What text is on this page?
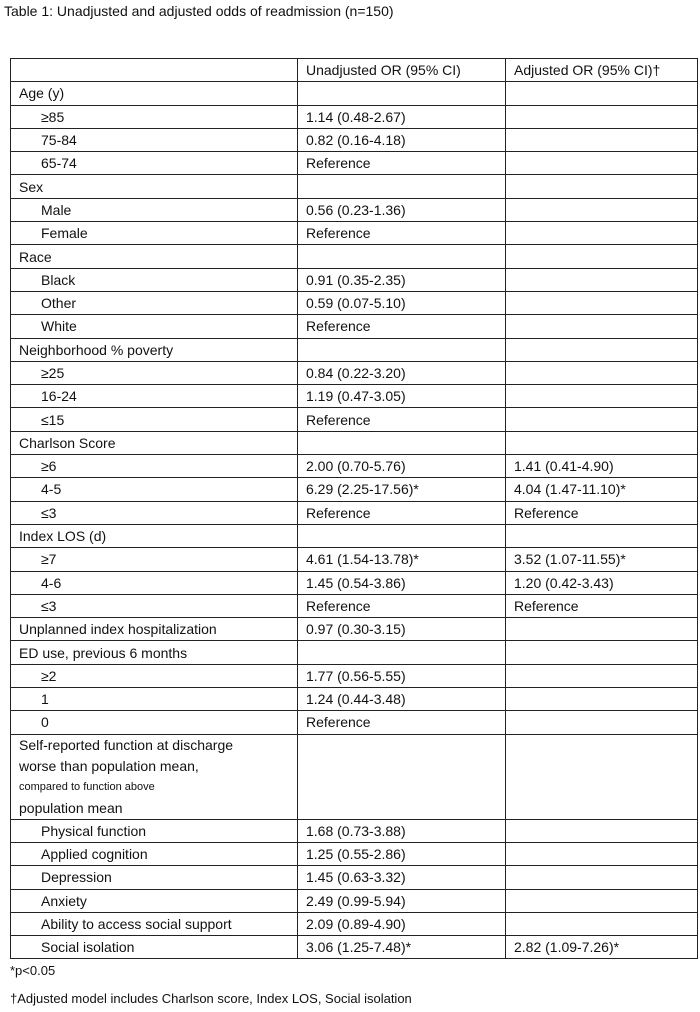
Table 1: Unadjusted and adjusted odds of readmission (n=150)
	Unadjusted OR (95% CI)	Adjusted OR (95% CI)†
Age (y)		
≥85	1.14 (0.48-2.67)	
75-84	0.82 (0.16-4.18)	
65-74	Reference	
Sex		
Male	0.56 (0.23-1.36)	
Female	Reference	
Race		
Black	0.91 (0.35-2.35)	
Other	0.59 (0.07-5.10)	
White	Reference	
Neighborhood % poverty		
≥25	0.84 (0.22-3.20)	
16-24	1.19 (0.47-3.05)	
≤15	Reference	
Charlson Score		
≥6	2.00 (0.70-5.76)	1.41 (0.41-4.90)
4-5	6.29 (2.25-17.56)*	4.04 (1.47-11.10)*
≤3	Reference	Reference
Index LOS (d)		
≥7	4.61 (1.54-13.78)*	3.52 (1.07-11.55)*
4-6	1.45 (0.54-3.86)	1.20 (0.42-3.43)
≤3	Reference	Reference
Unplanned index hospitalization	0.97 (0.30-3.15)	
ED use, previous 6 months		
≥2	1.77 (0.56-5.55)	
1	1.24 (0.44-3.48)	
0	Reference	

Self-reported function at discharge
worse than population mean,
compared to function above
population mean		

Physical function	1.68 (0.73-3.88)	
Applied cognition	1.25 (0.55-2.86)	
Depression	1.45 (0.63-3.32)	
Anxiety	2.49 (0.99-5.94)	
Ability to access social support	2.09 (0.89-4.90)	
Social isolation	3.06 (1.25-7.48)*	2.82 (1.09-7.26)*
*p<0.05
†Adjusted model includes Charlson score, Index LOS, Social isolation
